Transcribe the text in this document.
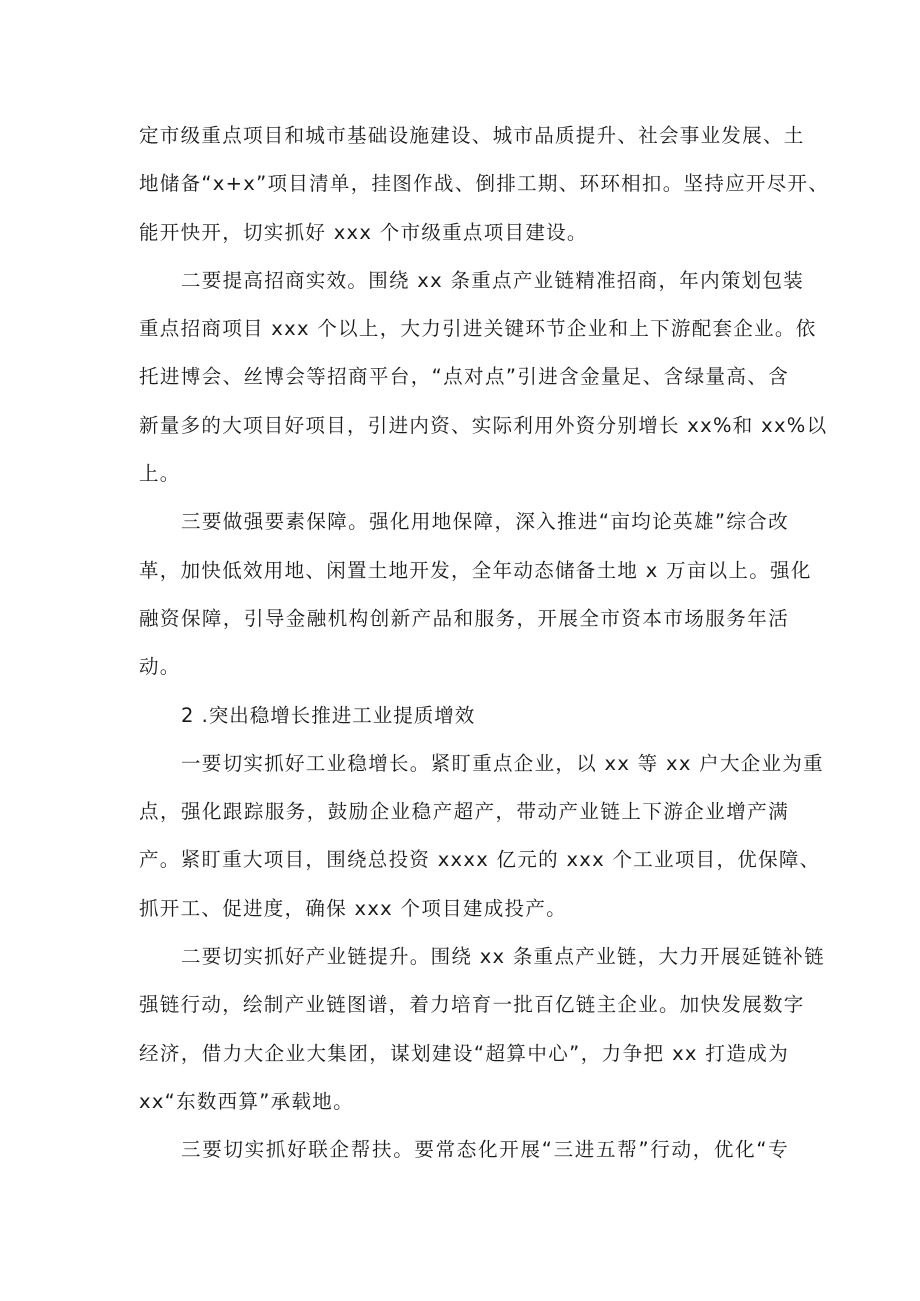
定市级重点项目和城市基础设施建设、城市品质提升、社会事业发展、土
地储备“x+x”项目清单，挂图作战、倒排工期、环环相扣。坚持应开尽开、
能开快开，切实抓好 xxx 个市级重点项目建设。
二要提高招商实效。围绕 xx 条重点产业链精准招商，年内策划包装
重点招商项目 xxx 个以上，大力引进关键环节企业和上下游配套企业。依
托进博会、丝博会等招商平台，“点对点”引进含金量足、含绿量高、含
新量多的大项目好项目，引进内资、实际利用外资分别增长 xx%和 xx%以
上。
三要做强要素保障。强化用地保障，深入推进“亩均论英雄”综合改
革，加快低效用地、闲置土地开发，全年动态储备土地 x 万亩以上。强化
融资保障，引导金融机构创新产品和服务，开展全市资本市场服务年活
动。
2 .突出稳增长推进工业提质增效
一要切实抓好工业稳增长。紧盯重点企业，以 xx 等 xx 户大企业为重
点，强化跟踪服务，鼓励企业稳产超产，带动产业链上下游企业增产满
产。紧盯重大项目，围绕总投资 xxxx 亿元的 xxx 个工业项目，优保障、
抓开工、促进度，确保 xxx 个项目建成投产。
二要切实抓好产业链提升。围绕 xx 条重点产业链，大力开展延链补链
强链行动，绘制产业链图谱，着力培育一批百亿链主企业。加快发展数字
经济，借力大企业大集团，谋划建设“超算中心”，力争把 xx 打造成为
xx“东数西算”承载地。
三要切实抓好联企帮扶。要常态化开展“三进五帮”行动，优化“专
